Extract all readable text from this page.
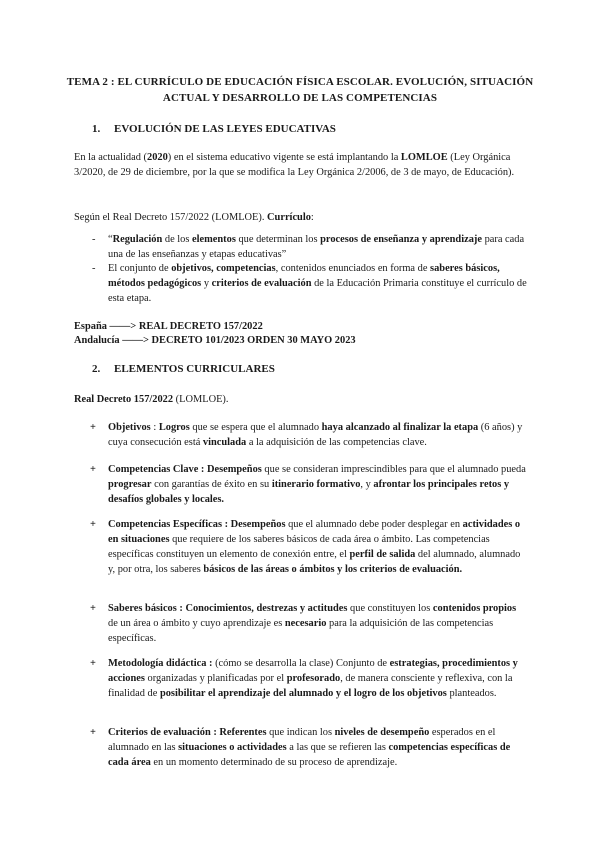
TEMA 2 : EL CURRÍCULO DE EDUCACIÓN FÍSICA ESCOLAR. EVOLUCIÓN, SITUACIÓN
ACTUAL Y DESARROLLO DE LAS COMPETENCIAS
1. EVOLUCIÓN DE LAS LEYES EDUCATIVAS
En la actualidad (2020) en el sistema educativo vigente se está implantando la LOMLOE (Ley Orgánica 3/2020, de 29 de diciembre, por la que se modifica la Ley Orgánica 2/2006, de 3 de mayo, de Educación).
Según el Real Decreto 157/2022 (LOMLOE). Currículo:
- “Regulación de los elementos que determinan los procesos de enseñanza y aprendizaje para cada una de las enseñanzas y etapas educativas”
- El conjunto de objetivos, competencias, contenidos enunciados en forma de saberes básicos, métodos pedagógicos y criterios de evaluación de la Educación Primaria constituye el currículo de esta etapa.
España ——> REAL DECRETO 157/2022
Andalucía ——> DECRETO 101/2023 ORDEN 30 MAYO 2023
2. ELEMENTOS CURRICULARES
Real Decreto 157/2022 (LOMLOE).
+ Objetivos : Logros que se espera que el alumnado haya alcanzado al finalizar la etapa (6 años) y cuya consecución está vinculada a la adquisición de las competencias clave.
+ Competencias Clave : Desempeños que se consideran imprescindibles para que el alumnado pueda progresar con garantías de éxito en su itinerario formativo, y afrontar los principales retos y desafíos globales y locales.
+ Competencias Específicas : Desempeños que el alumnado debe poder desplegar en actividades o en situaciones que requiere de los saberes básicos de cada área o ámbito. Las competencias específicas constituyen un elemento de conexión entre, el perfil de salida del alumnado, alumnado y, por otra, los saberes básicos de las áreas o ámbitos y los criterios de evaluación.
+ Saberes básicos : Conocimientos, destrezas y actitudes que constituyen los contenidos propios de un área o ámbito y cuyo aprendizaje es necesario para la adquisición de las competencias específicas.
+ Metodología didáctica : (cómo se desarrolla la clase) Conjunto de estrategias, procedimientos y acciones organizadas y planificadas por el profesorado, de manera consciente y reflexiva, con la finalidad de posibilitar el aprendizaje del alumnado y el logro de los objetivos planteados.
+ Criterios de evaluación : Referentes que indican los niveles de desempeño esperados en el alumnado en las situaciones o actividades a las que se refieren las competencias específicas de cada área en un momento determinado de su proceso de aprendizaje.
